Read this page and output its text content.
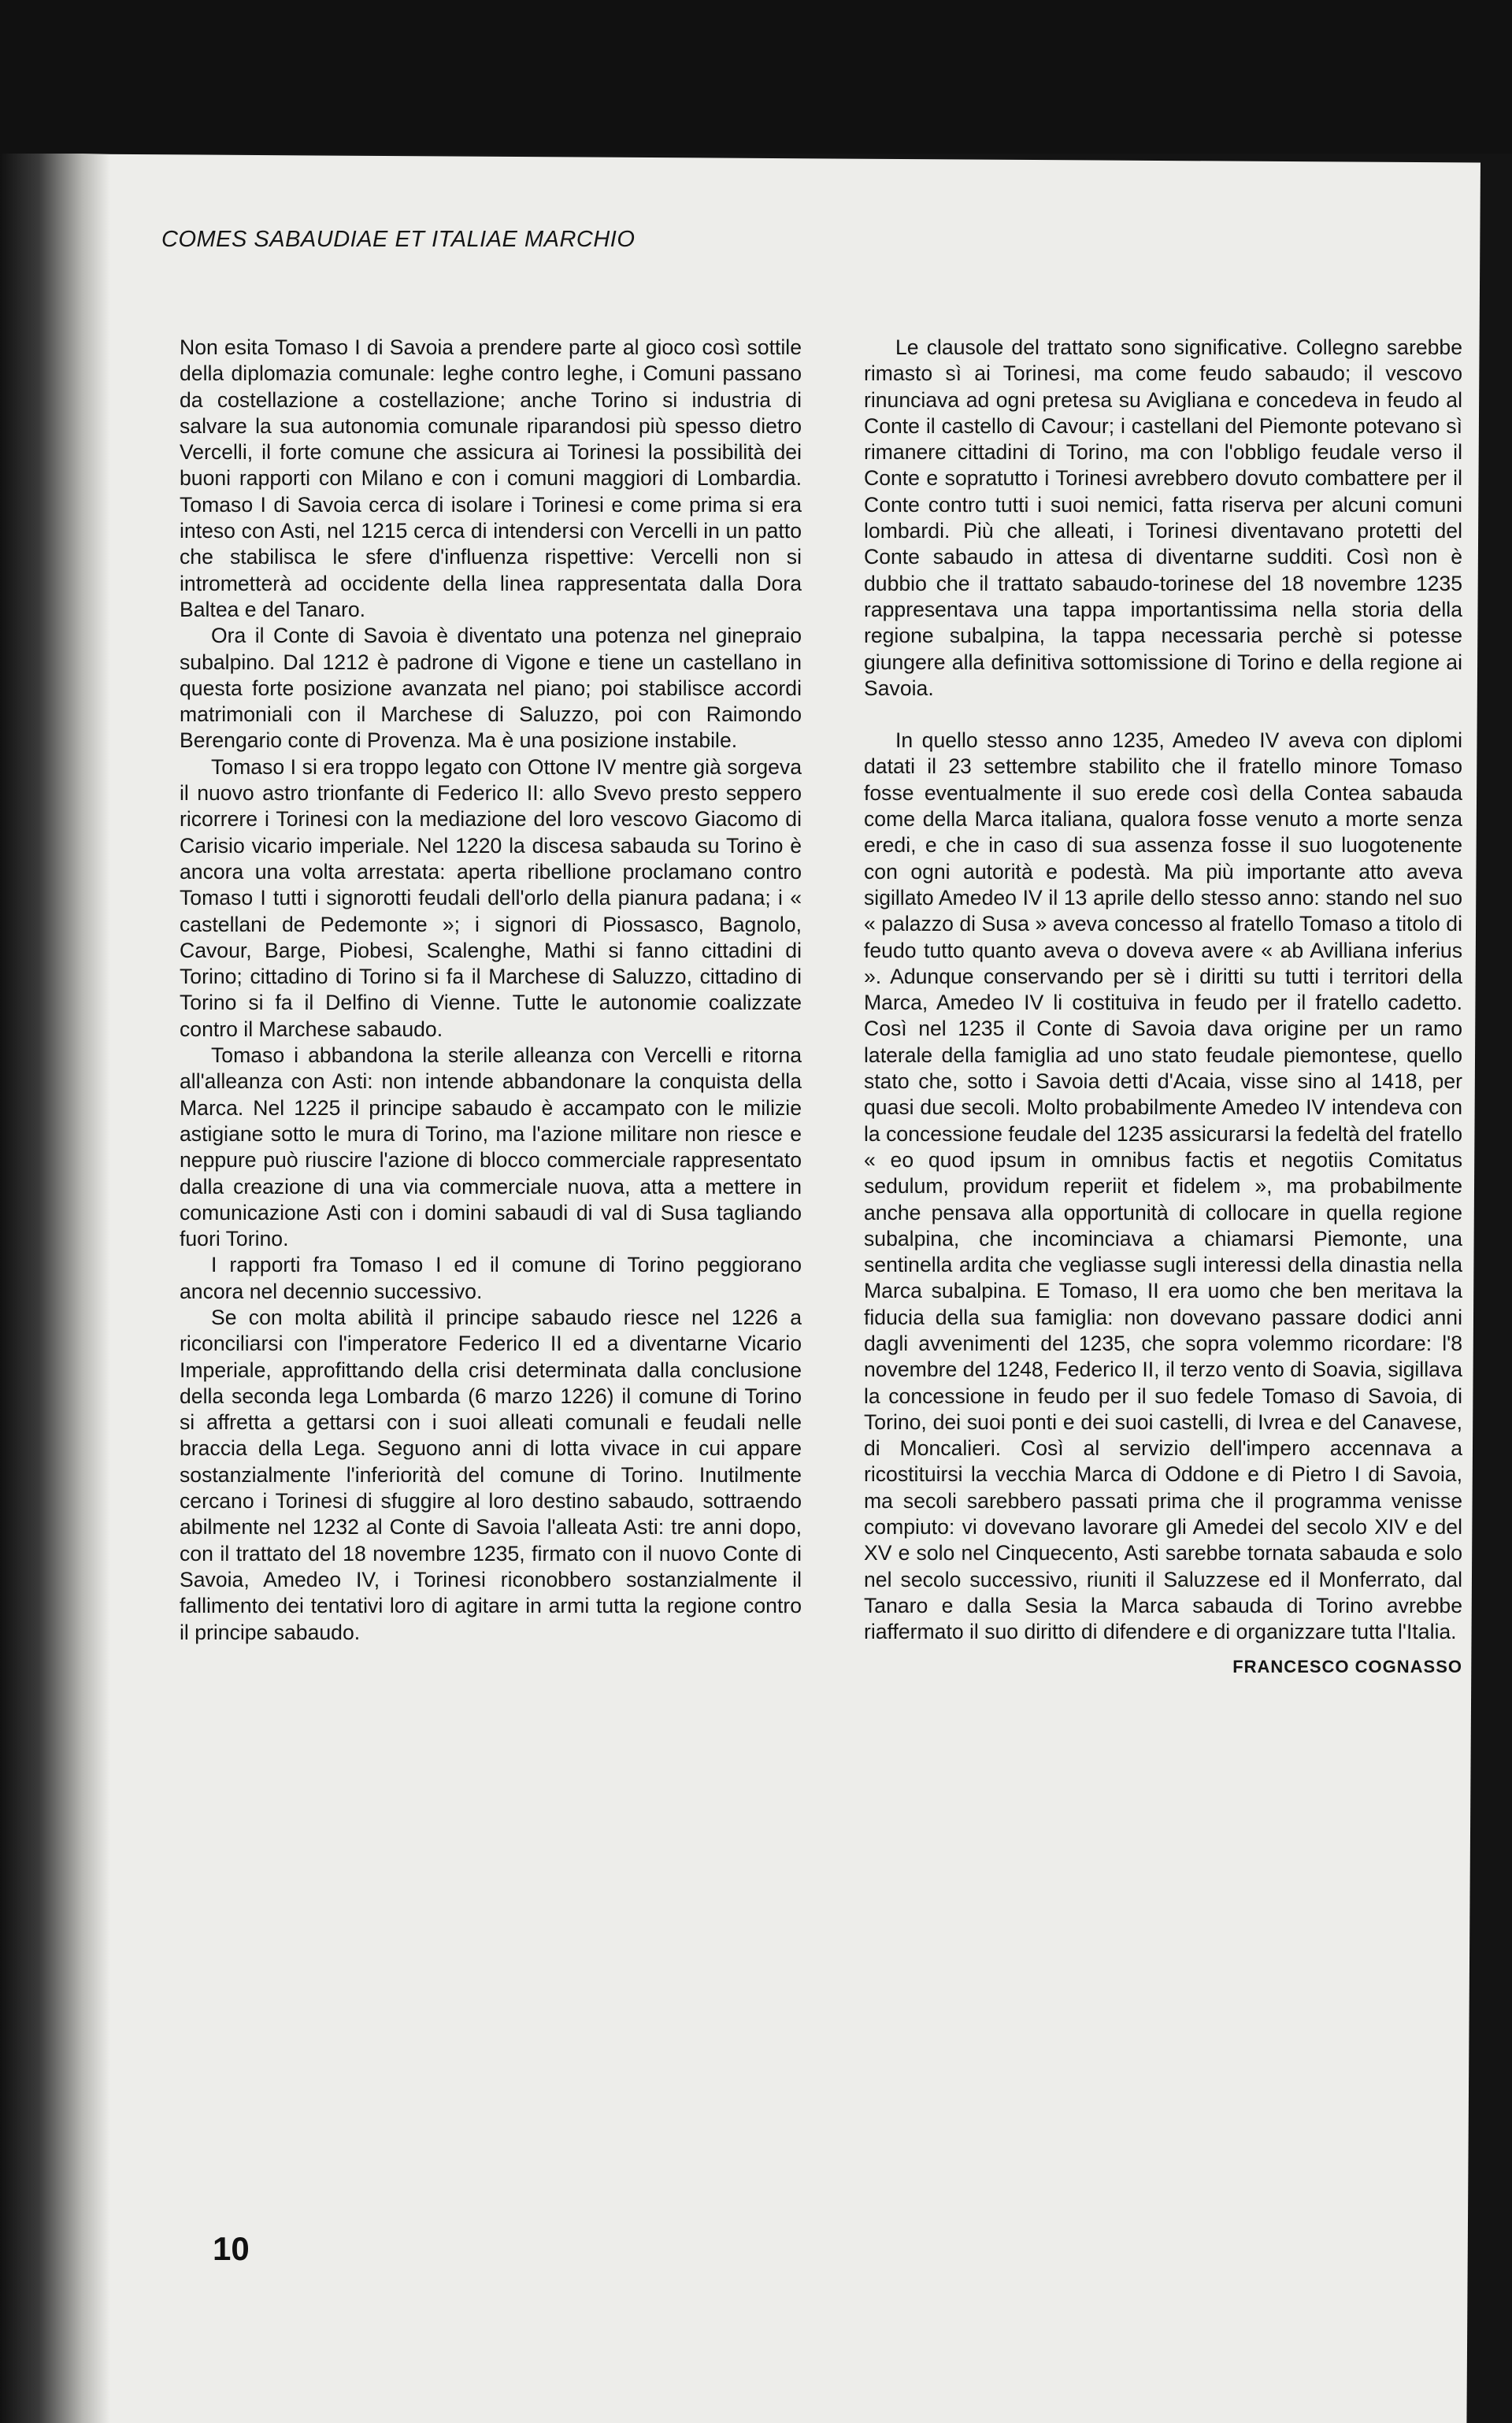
COMES SABAUDIAE ET ITALIAE MARCHIO

Non esita Tomaso I di Savoia a prendere parte al gioco così sottile della diplomazia comunale: leghe contro leghe, i Comuni passano da costellazione a costellazione; anche Torino si industria di salvare la sua autonomia comunale riparandosi più spesso dietro Vercelli, il forte comune che assicura ai Torinesi la possibilità dei buoni rapporti con Milano e con i comuni maggiori di Lombardia. Tomaso I di Savoia cerca di isolare i Torinesi e come prima si era inteso con Asti, nel 1215 cerca di intendersi con Vercelli in un patto che stabilisca le sfere d'influenza rispettive: Vercelli non si intrometterà ad occidente della linea rappresentata dalla Dora Baltea e del Tanaro.

Ora il Conte di Savoia è diventato una potenza nel ginepraio subalpino. Dal 1212 è padrone di Vigone e tiene un castellano in questa forte posizione avanzata nel piano; poi stabilisce accordi matrimoniali con il Marchese di Saluzzo, poi con Raimondo Berengario conte di Provenza. Ma è una posizione instabile.

Tomaso I si era troppo legato con Ottone IV mentre già sorgeva il nuovo astro trionfante di Federico II: allo Svevo presto seppero ricorrere i Torinesi con la mediazione del loro vescovo Giacomo di Carisio vicario imperiale. Nel 1220 la discesa sabauda su Torino è ancora una volta arrestata: aperta ribellione proclamano contro Tomaso I tutti i signorotti feudali dell'orlo della pianura padana; i « castellani de Pedemonte »; i signori di Piossasco, Bagnolo, Cavour, Barge, Piobesi, Scalenghe, Mathi si fanno cittadini di Torino; cittadino di Torino si fa il Marchese di Saluzzo, cittadino di Torino si fa il Delfino di Vienne. Tutte le autonomie coalizzate contro il Marchese sabaudo.

Tomaso i abbandona la sterile alleanza con Vercelli e ritorna all'alleanza con Asti: non intende abbandonare la conquista della Marca. Nel 1225 il principe sabaudo è accampato con le milizie astigiane sotto le mura di Torino, ma l'azione militare non riesce e neppure può riuscire l'azione di blocco commerciale rappresentato dalla creazione di una via commerciale nuova, atta a mettere in comunicazione Asti con i domini sabaudi di val di Susa tagliando fuori Torino.

I rapporti fra Tomaso I ed il comune di Torino peggiorano ancora nel decennio successivo.

Se con molta abilità il principe sabaudo riesce nel 1226 a riconciliarsi con l'imperatore Federico II ed a diventarne Vicario Imperiale, approfittando della crisi determinata dalla conclusione della seconda lega Lombarda (6 marzo 1226) il comune di Torino si affretta a gettarsi con i suoi alleati comunali e feudali nelle braccia della Lega. Seguono anni di lotta vivace in cui appare sostanzialmente l'inferiorità del comune di Torino. Inutilmente cercano i Torinesi di sfuggire al loro destino sabaudo, sottraendo abilmente nel 1232 al Conte di Savoia l'alleata Asti: tre anni dopo, con il trattato del 18 novembre 1235, firmato con il nuovo Conte di Savoia, Amedeo IV, i Torinesi riconobbero sostanzialmente il fallimento dei tentativi loro di agitare in armi tutta la regione contro il principe sabaudo.

Le clausole del trattato sono significative. Collegno sarebbe rimasto sì ai Torinesi, ma come feudo sabaudo; il vescovo rinunciava ad ogni pretesa su Avigliana e concedeva in feudo al Conte il castello di Cavour; i castellani del Piemonte potevano sì rimanere cittadini di Torino, ma con l'obbligo feudale verso il Conte e sopratutto i Torinesi avrebbero dovuto combattere per il Conte contro tutti i suoi nemici, fatta riserva per alcuni comuni lombardi. Più che alleati, i Torinesi diventavano protetti del Conte sabaudo in attesa di diventarne sudditi. Così non è dubbio che il trattato sabaudo-torinese del 18 novembre 1235 rappresentava una tappa importantissima nella storia della regione subalpina, la tappa necessaria perchè si potesse giungere alla definitiva sottomissione di Torino e della regione ai Savoia.

In quello stesso anno 1235, Amedeo IV aveva con diplomi datati il 23 settembre stabilito che il fratello minore Tomaso fosse eventualmente il suo erede così della Contea sabauda come della Marca italiana, qualora fosse venuto a morte senza eredi, e che in caso di sua assenza fosse il suo luogotenente con ogni autorità e podestà. Ma più importante atto aveva sigillato Amedeo IV il 13 aprile dello stesso anno: stando nel suo « palazzo di Susa » aveva concesso al fratello Tomaso a titolo di feudo tutto quanto aveva o doveva avere « ab Avilliana inferius ». Adunque conservando per sè i diritti su tutti i territori della Marca, Amedeo IV li costituiva in feudo per il fratello cadetto. Così nel 1235 il Conte di Savoia dava origine per un ramo laterale della famiglia ad uno stato feudale piemontese, quello stato che, sotto i Savoia detti d'Acaia, visse sino al 1418, per quasi due secoli. Molto probabilmente Amedeo IV intendeva con la concessione feudale del 1235 assicurarsi la fedeltà del fratello « eo quod ipsum in omnibus factis et negotiis Comitatus sedulum, providum reperiit et fidelem », ma probabilmente anche pensava alla opportunità di collocare in quella regione subalpina, che incominciava a chiamarsi Piemonte, una sentinella ardita che vegliasse sugli interessi della dinastia nella Marca subalpina. E Tomaso, II era uomo che ben meritava la fiducia della sua famiglia: non dovevano passare dodici anni dagli avvenimenti del 1235, che sopra volemmo ricordare: l'8 novembre del 1248, Federico II, il terzo vento di Soavia, sigillava la concessione in feudo per il suo fedele Tomaso di Savoia, di Torino, dei suoi ponti e dei suoi castelli, di Ivrea e del Canavese, di Moncalieri. Così al servizio dell'impero accennava a ricostituirsi la vecchia Marca di Oddone e di Pietro I di Savoia, ma secoli sarebbero passati prima che il programma venisse compiuto: vi dovevano lavorare gli Amedei del secolo XIV e del XV e solo nel Cinquecento, Asti sarebbe tornata sabauda e solo nel secolo successivo, riuniti il Saluzzese ed il Monferrato, dal Tanaro e dalla Sesia la Marca sabauda di Torino avrebbe riaffermato il suo diritto di difendere e di organizzare tutta l'Italia.

FRANCESCO COGNASSO
10
